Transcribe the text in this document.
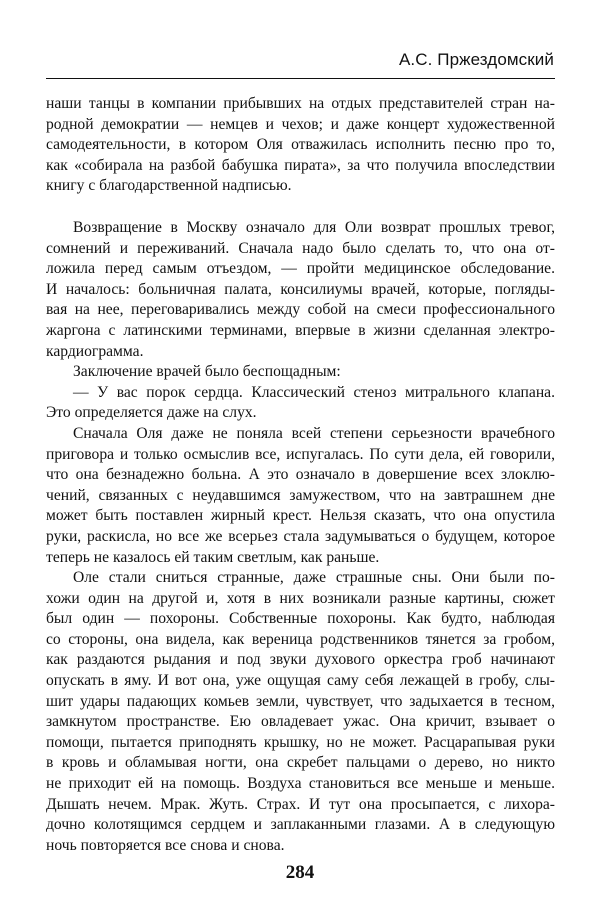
А.С. Пржездомский
наши танцы в компании прибывших на отдых представителей стран на-
родной демократии — немцев и чехов; и даже концерт художественной
самодеятельности, в котором Оля отважилась исполнить песню про то,
как «собирала на разбой бабушка пирата», за что получила впоследствии
книгу с благодарственной надписью.
Возвращение в Москву означало для Оли возврат прошлых тревог,
сомнений и переживаний. Сначала надо было сделать то, что она от-
ложила перед самым отъездом, — пройти медицинское обследование.
И началось: больничная палата, консилиумы врачей, которые, погляды-
вая на нее, переговаривались между собой на смеси профессионального
жаргона с латинскими терминами, впервые в жизни сделанная электро-
кардиограмма.
Заключение врачей было беспощадным:
— У вас порок сердца. Классический стеноз митрального клапана.
Это определяется даже на слух.
Сначала Оля даже не поняла всей степени серьезности врачебного
приговора и только осмыслив все, испугалась. По сути дела, ей говорили,
что она безнадежно больна. А это означало в довершение всех злоклю-
чений, связанных с неудавшимся замужеством, что на завтрашнем дне
может быть поставлен жирный крест. Нельзя сказать, что она опустила
руки, раскисла, но все же всерьез стала задумываться о будущем, которое
теперь не казалось ей таким светлым, как раньше.
Оле стали сниться странные, даже страшные сны. Они были по-
хожи один на другой и, хотя в них возникали разные картины, сюжет
был один — похороны. Собственные похороны. Как будто, наблюдая
со стороны, она видела, как вереница родственников тянется за гробом,
как раздаются рыдания и под звуки духового оркестра гроб начинают
опускать в яму. И вот она, уже ощущая саму себя лежащей в гробу, слы-
шит удары падающих комьев земли, чувствует, что задыхается в тесном,
замкнутом пространстве. Ею овладевает ужас. Она кричит, взывает о
помощи, пытается приподнять крышку, но не может. Расцарапывая руки
в кровь и обламывая ногти, она скребет пальцами о дерево, но никто
не приходит ей на помощь. Воздуха становиться все меньше и меньше.
Дышать нечем. Мрак. Жуть. Страх. И тут она просыпается, с лихора-
дочно колотящимся сердцем и заплаканными глазами. А в следующую
ночь повторяется все снова и снова.
284
